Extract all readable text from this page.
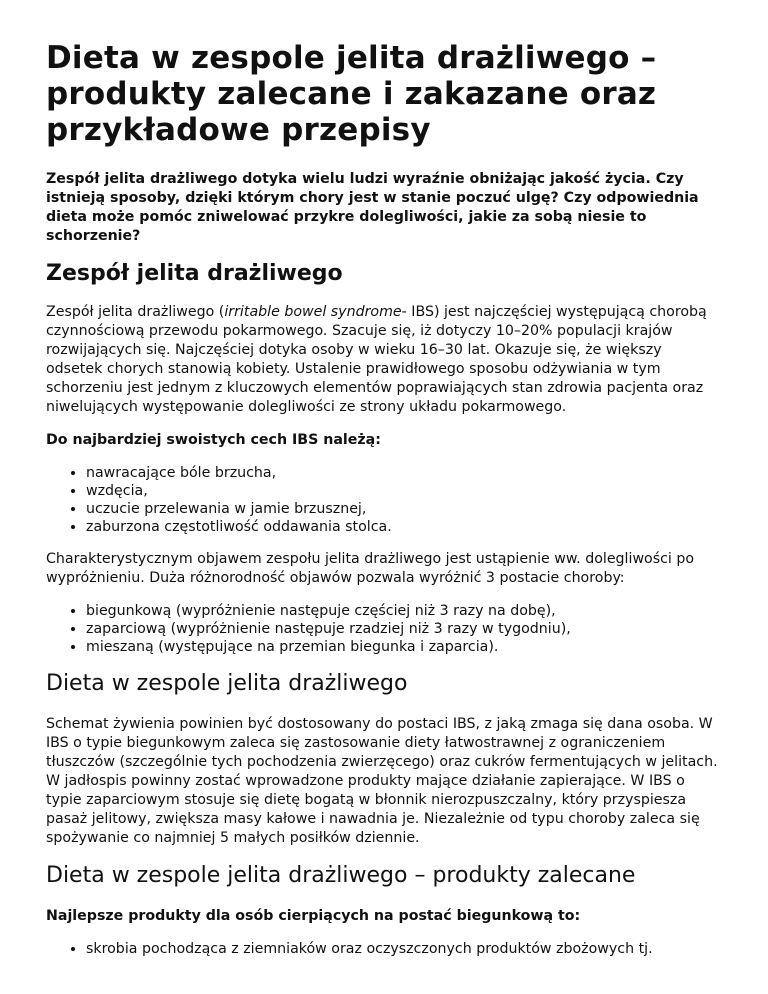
Dieta w zespole jelita drażliwego – produkty zalecane i zakazane oraz przykładowe przepisy

Zespół jelita drażliwego dotyka wielu ludzi wyraźnie obniżając jakość życia. Czy istnieją sposoby, dzięki którym chory jest w stanie poczuć ulgę? Czy odpowiednia dieta może pomóc zniwelować przykre dolegliwości, jakie za sobą niesie to schorzenie?

Zespół jelita drażliwego

Zespół jelita drażliwego (irritable bowel syndrome- IBS) jest najczęściej występującą chorobą czynnościową przewodu pokarmowego. Szacuje się, iż dotyczy 10–20% populacji krajów rozwijających się. Najczęściej dotyka osoby w wieku 16–30 lat. Okazuje się, że większy odsetek chorych stanowią kobiety. Ustalenie prawidłowego sposobu odżywiania w tym schorzeniu jest jednym z kluczowych elementów poprawiających stan zdrowia pacjenta oraz niwelujących występowanie dolegliwości ze strony układu pokarmowego.

Do najbardziej swoistych cech IBS należą:

• nawracające bóle brzucha,
• wzdęcia,
• uczucie przelewania w jamie brzusznej,
• zaburzona częstotliwość oddawania stolca.

Charakterystycznym objawem zespołu jelita drażliwego jest ustąpienie ww. dolegliwości po wypróżnieniu. Duża różnorodność objawów pozwala wyróżnić 3 postacie choroby:

• biegunkową (wypróżnienie następuje częściej niż 3 razy na dobę),
• zaparciową (wypróżnienie następuje rzadziej niż 3 razy w tygodniu),
• mieszaną (występujące na przemian biegunka i zaparcia).
Dieta w zespole jelita drażliwego

Schemat żywienia powinien być dostosowany do postaci IBS, z jaką zmaga się dana osoba. W IBS o typie biegunkowym zaleca się zastosowanie diety łatwostrawnej z ograniczeniem tłuszczów (szczególnie tych pochodzenia zwierzęcego) oraz cukrów fermentujących w jelitach. W jadłospis powinny zostać wprowadzone produkty mające działanie zapierające. W IBS o typie zaparciowym stosuje się dietę bogatą w błonnik nierozpuszczalny, który przyspiesza pasaż jelitowy, zwiększa masy kałowe i nawadnia je. Niezależnie od typu choroby zaleca się spożywanie co najmniej 5 małych posiłków dziennie.

Dieta w zespole jelita drażliwego – produkty zalecane

Najlepsze produkty dla osób cierpiących na postać biegunkową to:

• skrobia pochodząca z ziemniaków oraz oczyszczonych produktów zbożowych tj.
